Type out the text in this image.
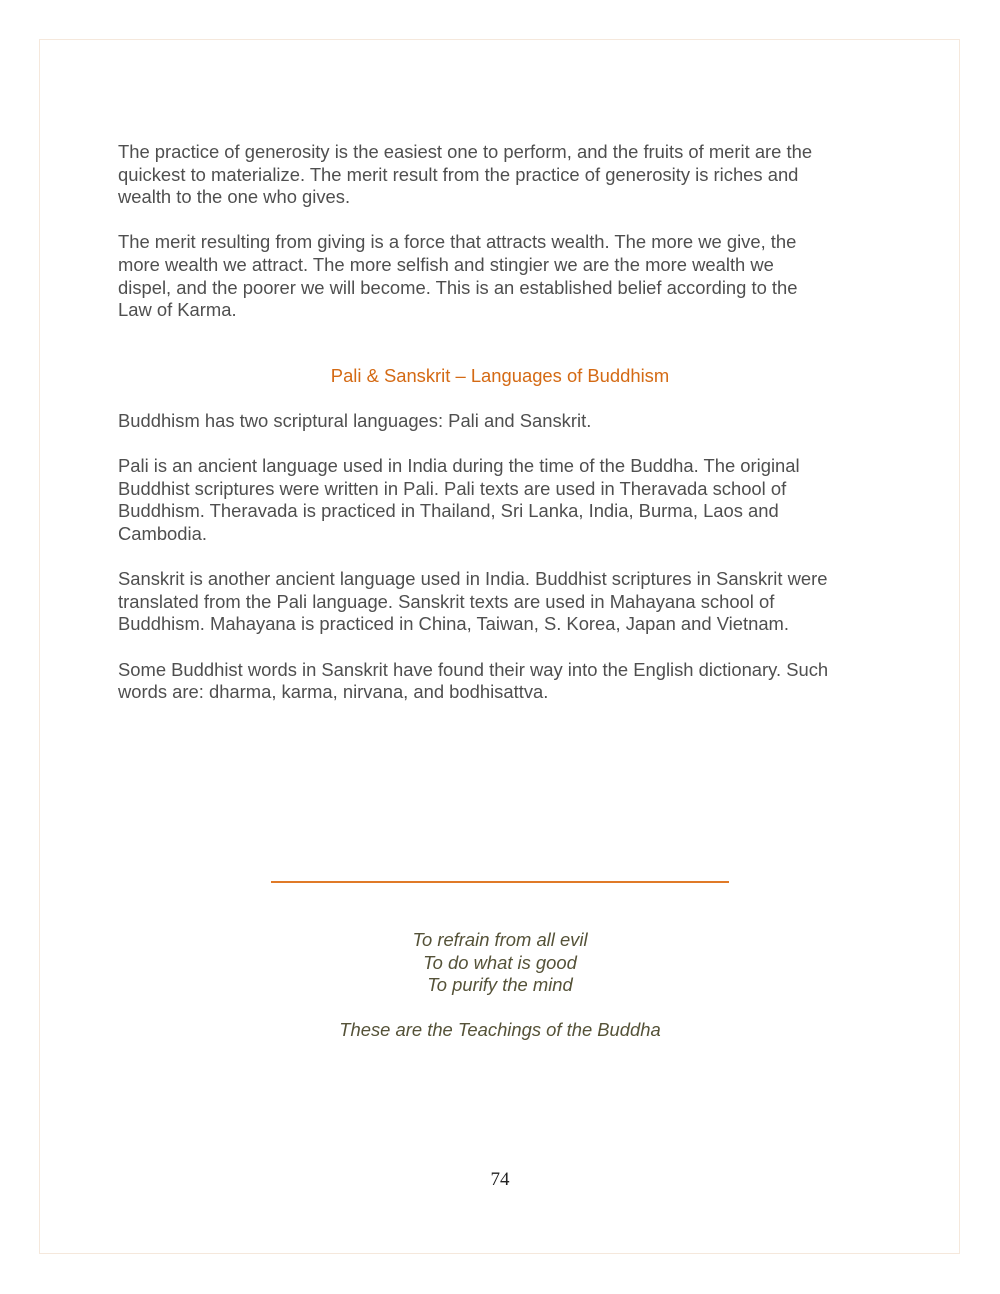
The practice of generosity is the easiest one to perform, and the fruits of merit are the
quickest to materialize. The merit result from the practice of generosity is riches and
wealth to the one who gives.

The merit resulting from giving is a force that attracts wealth. The more we give, the
more wealth we attract. The more selfish and stingier we are the more wealth we
dispel, and the poorer we will become. This is an established belief according to the
Law of Karma.

Pali & Sanskrit – Languages of Buddhism

Buddhism has two scriptural languages: Pali and Sanskrit.

Pali is an ancient language used in India during the time of the Buddha. The original
Buddhist scriptures were written in Pali. Pali texts are used in Theravada school of
Buddhism. Theravada is practiced in Thailand, Sri Lanka, India, Burma, Laos and
Cambodia.

Sanskrit is another ancient language used in India. Buddhist scriptures in Sanskrit were
translated from the Pali language. Sanskrit texts are used in Mahayana school of
Buddhism. Mahayana is practiced in China, Taiwan, S. Korea, Japan and Vietnam.

Some Buddhist words in Sanskrit have found their way into the English dictionary. Such
words are: dharma, karma, nirvana, and bodhisattva.

To refrain from all evil
To do what is good
To purify the mind
These are the Teachings of the Buddha
74
